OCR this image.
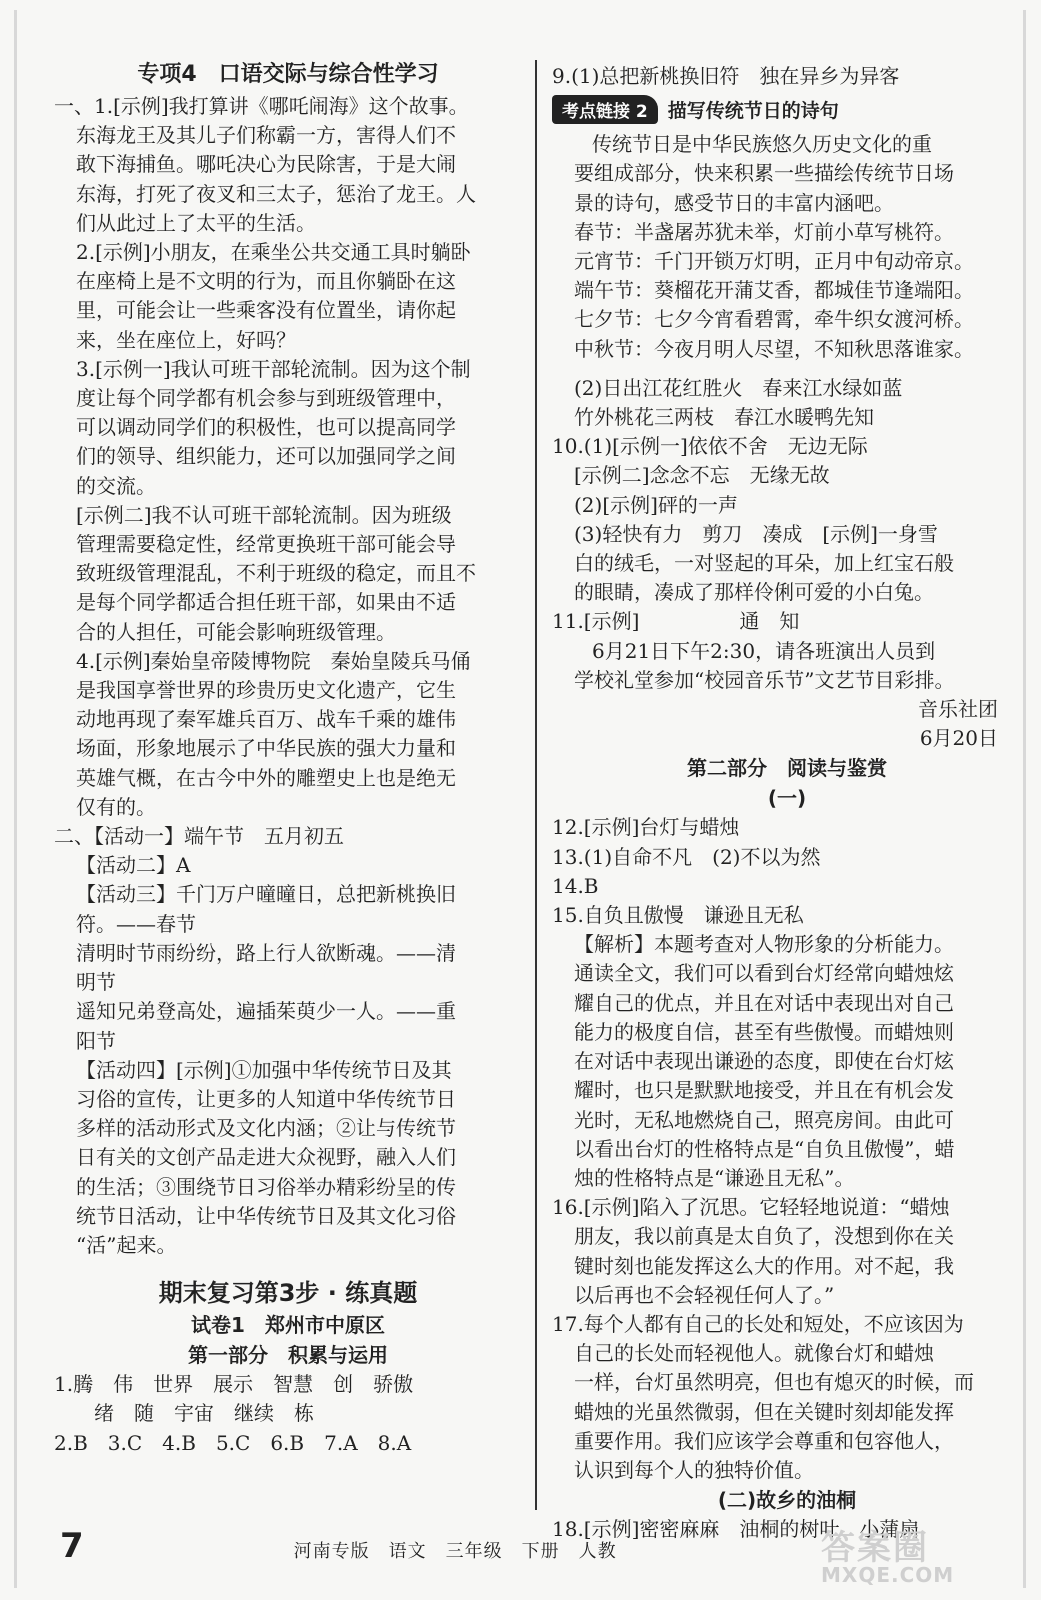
专项4　口语交际与综合性学习
一、1.[示例]我打算讲《哪吒闹海》这个故事。
东海龙王及其儿子们称霸一方，害得人们不
敢下海捕鱼。哪吒决心为民除害，于是大闹
东海，打死了夜叉和三太子，惩治了龙王。人
们从此过上了太平的生活。
2.[示例]小朋友，在乘坐公共交通工具时躺卧
在座椅上是不文明的行为，而且你躺卧在这
里，可能会让一些乘客没有位置坐，请你起
来，坐在座位上，好吗？
3.[示例一]我认可班干部轮流制。因为这个制
度让每个同学都有机会参与到班级管理中，
可以调动同学们的积极性，也可以提高同学
们的领导、组织能力，还可以加强同学之间
的交流。
[示例二]我不认可班干部轮流制。因为班级
管理需要稳定性，经常更换班干部可能会导
致班级管理混乱，不利于班级的稳定，而且不
是每个同学都适合担任班干部，如果由不适
合的人担任，可能会影响班级管理。
4.[示例]秦始皇帝陵博物院　秦始皇陵兵马俑
是我国享誉世界的珍贵历史文化遗产，它生
动地再现了秦军雄兵百万、战车千乘的雄伟
场面，形象地展示了中华民族的强大力量和
英雄气概，在古今中外的雕塑史上也是绝无
仅有的。
二、【活动一】端午节　五月初五
【活动二】A
【活动三】千门万户曈曈日，总把新桃换旧
符。——春节
清明时节雨纷纷，路上行人欲断魂。——清
明节
遥知兄弟登高处，遍插茱萸少一人。——重
阳节
【活动四】[示例]①加强中华传统节日及其
习俗的宣传，让更多的人知道中华传统节日
多样的活动形式及文化内涵；②让与传统节
日有关的文创产品走进大众视野，融入人们
的生活；③围绕节日习俗举办精彩纷呈的传
统节日活动，让中华传统节日及其文化习俗
“活”起来。
期末复习第3步 · 练真题
试卷1　郑州市中原区
第一部分　积累与运用
1.腾　伟　世界　展示　智慧　创　骄傲
绪　随　宇宙　继续　栋
2.B　3.C　4.B　5.C　6.B　7.A　8.A
9.(1)总把新桃换旧符　独在异乡为异客
考点链接 2	描写传统节日的诗句
传统节日是中华民族悠久历史文化的重
要组成部分，快来积累一些描绘传统节日场
景的诗句，感受节日的丰富内涵吧。
春节：半盏屠苏犹未举，灯前小草写桃符。
元宵节：千门开锁万灯明，正月中旬动帝京。
端午节：葵榴花开蒲艾香，都城佳节逢端阳。
七夕节：七夕今宵看碧霄，牵牛织女渡河桥。
中秋节：今夜月明人尽望，不知秋思落谁家。
(2)日出江花红胜火　春来江水绿如蓝
竹外桃花三两枝　春江水暖鸭先知
10.(1)[示例一]依依不舍　无边无际
[示例二]念念不忘　无缘无故
(2)[示例]砰的一声
(3)轻快有力　剪刀　凑成　[示例]一身雪
白的绒毛，一对竖起的耳朵，加上红宝石般
的眼睛，凑成了那样伶俐可爱的小白兔。
11.[示例]　　　　　通　知
6月21日下午2:30，请各班演出人员到
学校礼堂参加“校园音乐节”文艺节目彩排。
音乐社团
6月20日
第二部分　阅读与鉴赏
(一)
12.[示例]台灯与蜡烛
13.(1)自命不凡　(2)不以为然
14.B
15.自负且傲慢　谦逊且无私
【解析】本题考查对人物形象的分析能力。
通读全文，我们可以看到台灯经常向蜡烛炫
耀自己的优点，并且在对话中表现出对自己
能力的极度自信，甚至有些傲慢。而蜡烛则
在对话中表现出谦逊的态度，即使在台灯炫
耀时，也只是默默地接受，并且在有机会发
光时，无私地燃烧自己，照亮房间。由此可
以看出台灯的性格特点是“自负且傲慢”，蜡
烛的性格特点是“谦逊且无私”。
16.[示例]陷入了沉思。它轻轻地说道：“蜡烛
朋友，我以前真是太自负了，没想到你在关
键时刻也能发挥这么大的作用。对不起，我
以后再也不会轻视任何人了。”
17.每个人都有自己的长处和短处，不应该因为
自己的长处而轻视他人。就像台灯和蜡烛
一样，台灯虽然明亮，但也有熄灭的时候，而
蜡烛的光虽然微弱，但在关键时刻却能发挥
重要作用。我们应该学会尊重和包容他人，
认识到每个人的独特价值。
(二)故乡的油桐
18.[示例]密密麻麻　油桐的树叶　小蒲扇
7	河南专版　语文　三年级　下册　人教	答案圈
MXQE.COM
